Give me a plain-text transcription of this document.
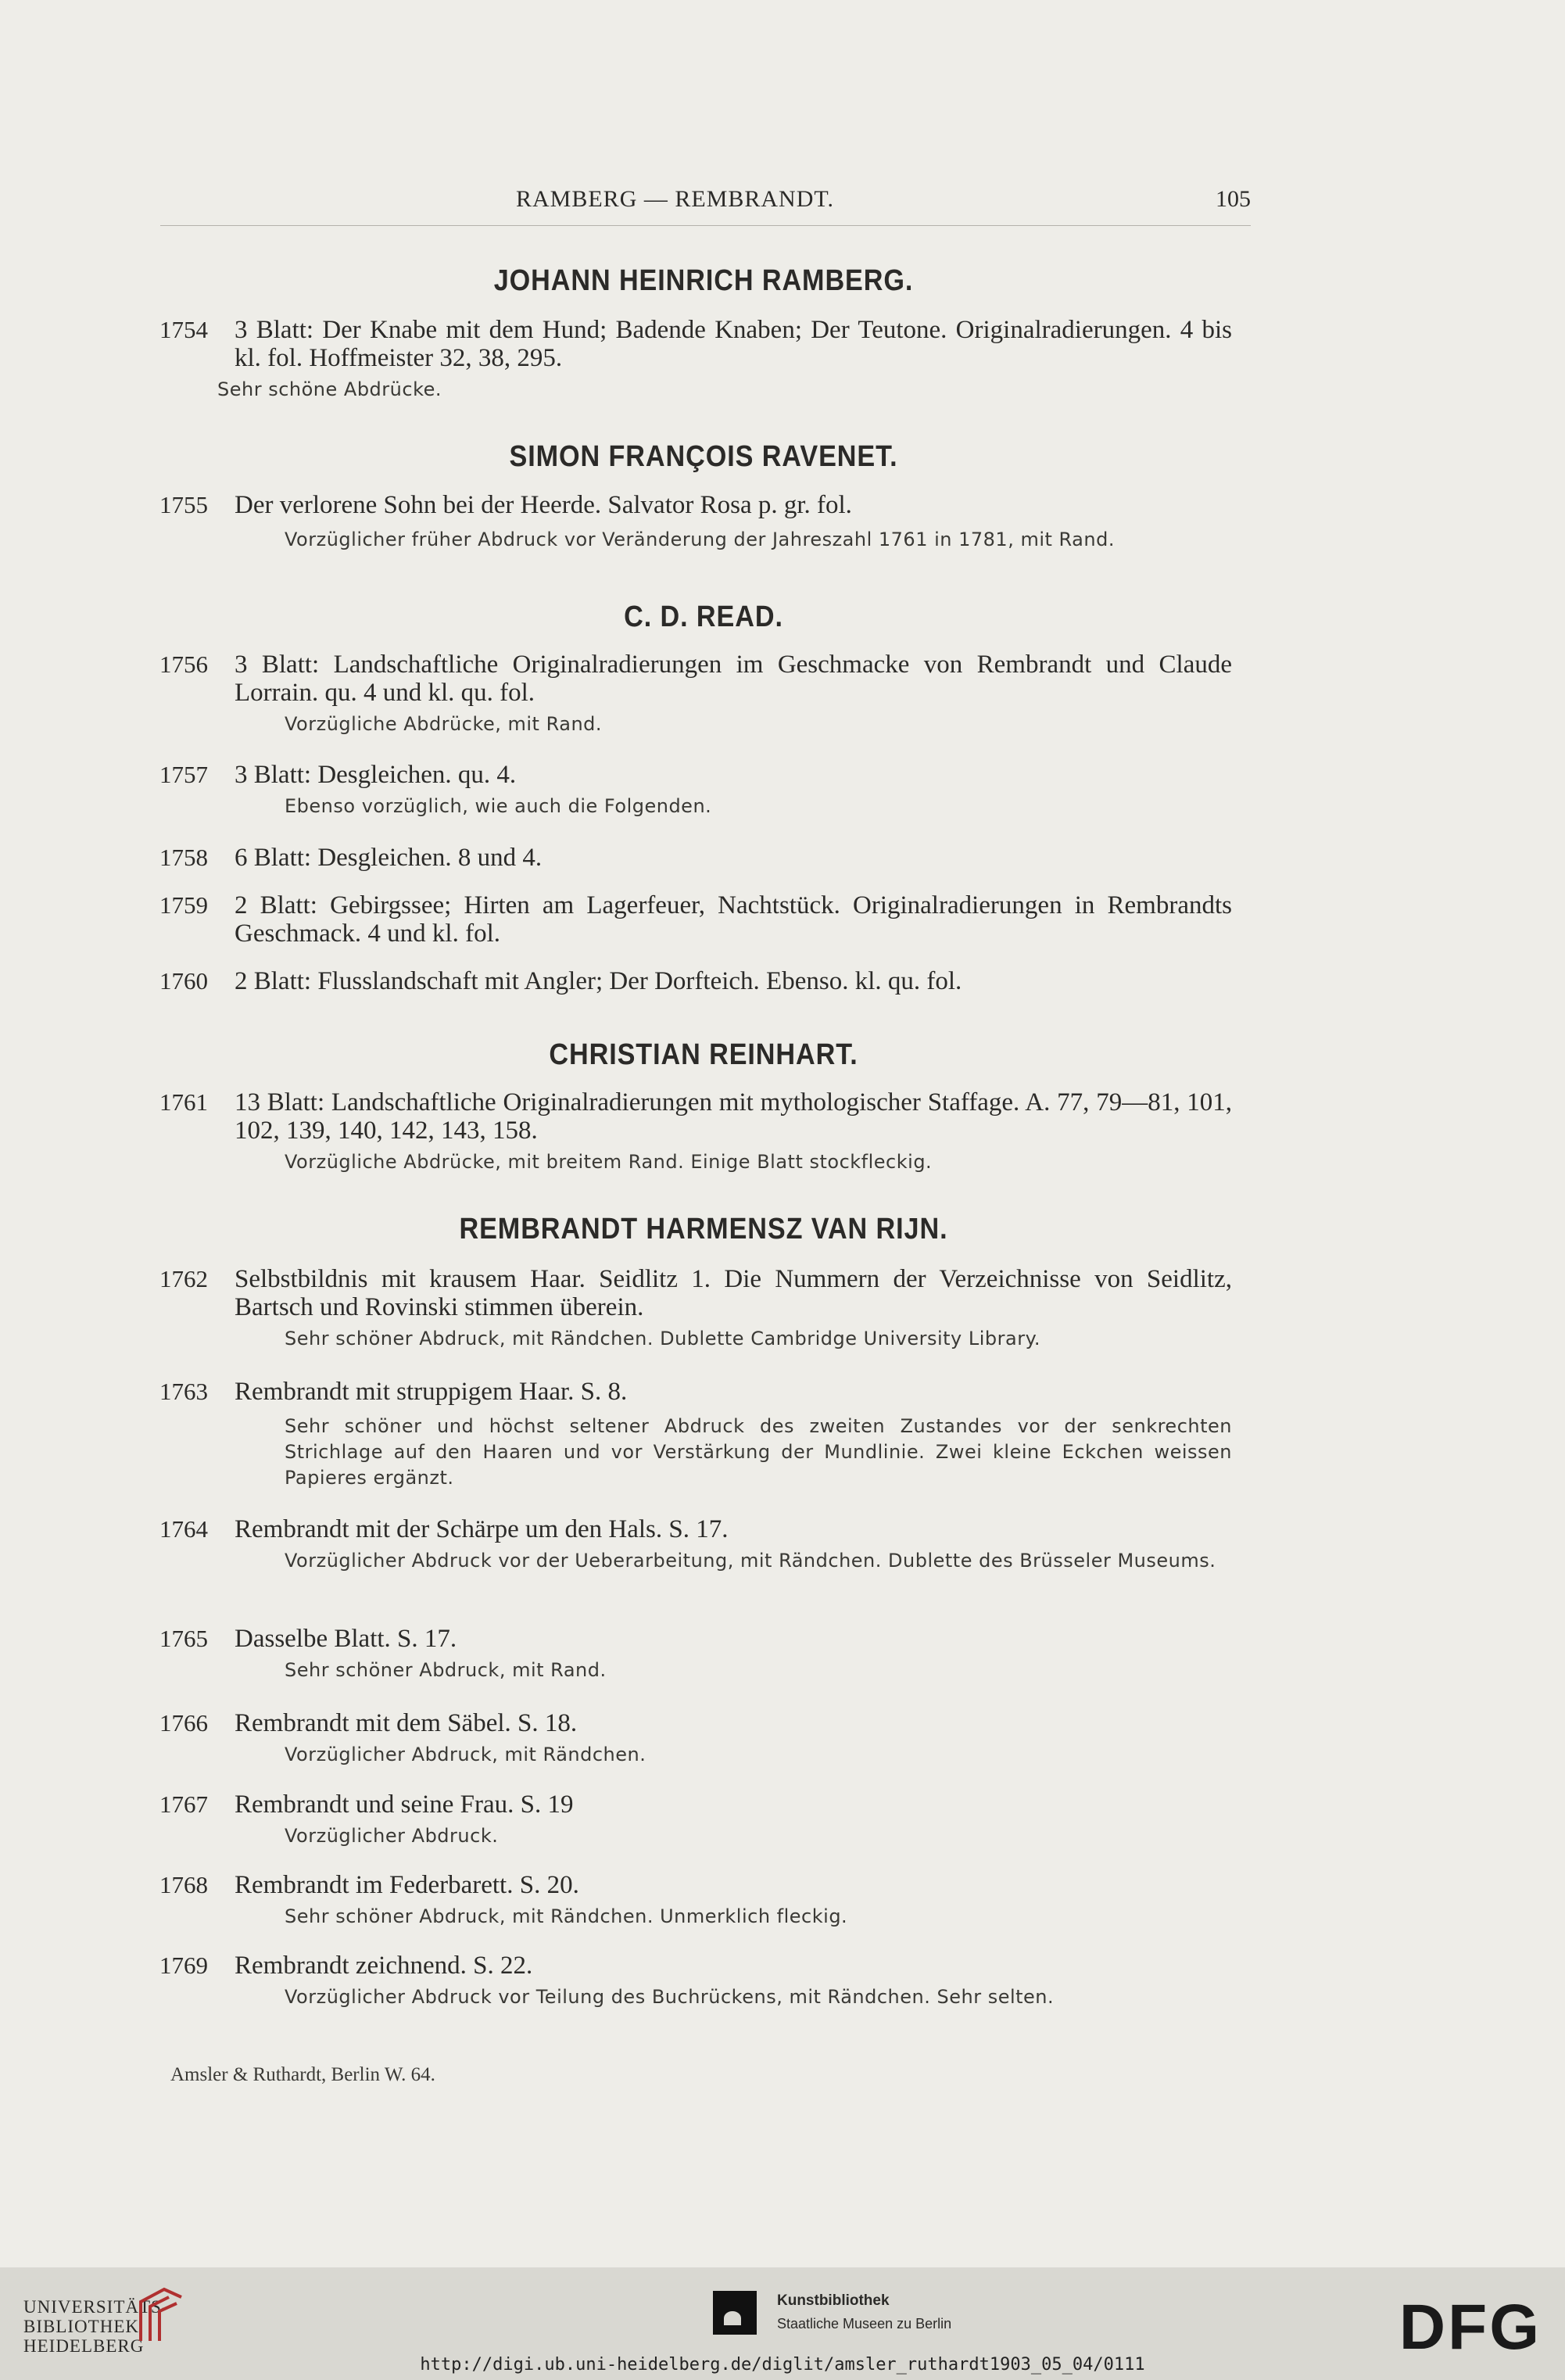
RAMBERG — REMBRANDT.	105
JOHANN HEINRICH RAMBERG.
1754 3 Blatt: Der Knabe mit dem Hund; Badende Knaben; Der Teutone. Originalradierungen. 4 bis kl. fol. Hoffmeister 32, 38, 295.
Sehr schöne Abdrücke.
SIMON FRANÇOIS RAVENET.
1755 Der verlorene Sohn bei der Heerde. Salvator Rosa p. gr. fol.
Vorzüglicher früher Abdruck vor Veränderung der Jahreszahl 1761 in 1781, mit Rand.
C. D. READ.
1756 3 Blatt: Landschaftliche Originalradierungen im Geschmacke von Rembrandt und Claude Lorrain. qu. 4 und kl. qu. fol.
Vorzügliche Abdrücke, mit Rand.
1757 3 Blatt: Desgleichen. qu. 4.
Ebenso vorzüglich, wie auch die Folgenden.
1758 6 Blatt: Desgleichen. 8 und 4.
1759 2 Blatt: Gebirgssee; Hirten am Lagerfeuer, Nachtstück. Originalradierungen in Rembrandts Geschmack. 4 und kl. fol.
1760 2 Blatt: Flusslandschaft mit Angler; Der Dorfteich. Ebenso. kl. qu. fol.
CHRISTIAN REINHART.
1761 13 Blatt: Landschaftliche Originalradierungen mit mythologischer Staffage. A. 77, 79—81, 101, 102, 139, 140, 142, 143, 158.
Vorzügliche Abdrücke, mit breitem Rand. Einige Blatt stockfleckig.
REMBRANDT HARMENSZ VAN RIJN.
1762 Selbstbildnis mit krausem Haar. Seidlitz 1. Die Nummern der Verzeichnisse von Seidlitz, Bartsch und Rovinski stimmen überein.
Sehr schöner Abdruck, mit Rändchen. Dublette Cambridge University Library.
1763 Rembrandt mit struppigem Haar. S. 8.
Sehr schöner und höchst seltener Abdruck des zweiten Zustandes vor der senkrechten Strichlage auf den Haaren und vor Verstärkung der Mundlinie. Zwei kleine Eckchen weissen Papieres ergänzt.
1764 Rembrandt mit der Schärpe um den Hals. S. 17.
Vorzüglicher Abdruck vor der Ueberarbeitung, mit Rändchen. Dublette des Brüsseler Museums.
1765 Dasselbe Blatt. S. 17.
Sehr schöner Abdruck, mit Rand.
1766 Rembrandt mit dem Säbel. S. 18.
Vorzüglicher Abdruck, mit Rändchen.
1767 Rembrandt und seine Frau. S. 19
Vorzüglicher Abdruck.
1768 Rembrandt im Federbarett. S. 20.
Sehr schöner Abdruck, mit Rändchen. Unmerklich fleckig.
1769 Rembrandt zeichnend. S. 22.
Vorzüglicher Abdruck vor Teilung des Buchrückens, mit Rändchen. Sehr selten.
Amsler & Ruthardt, Berlin W. 64.
UNIVERSITÄTS-
BIBLIOTHEK
HEIDELBERG
Kunstbibliothek
Staatliche Museen zu Berlin	DFG
http://digi.ub.uni-heidelberg.de/diglit/amsler_ruthardt1903_05_04/0111
